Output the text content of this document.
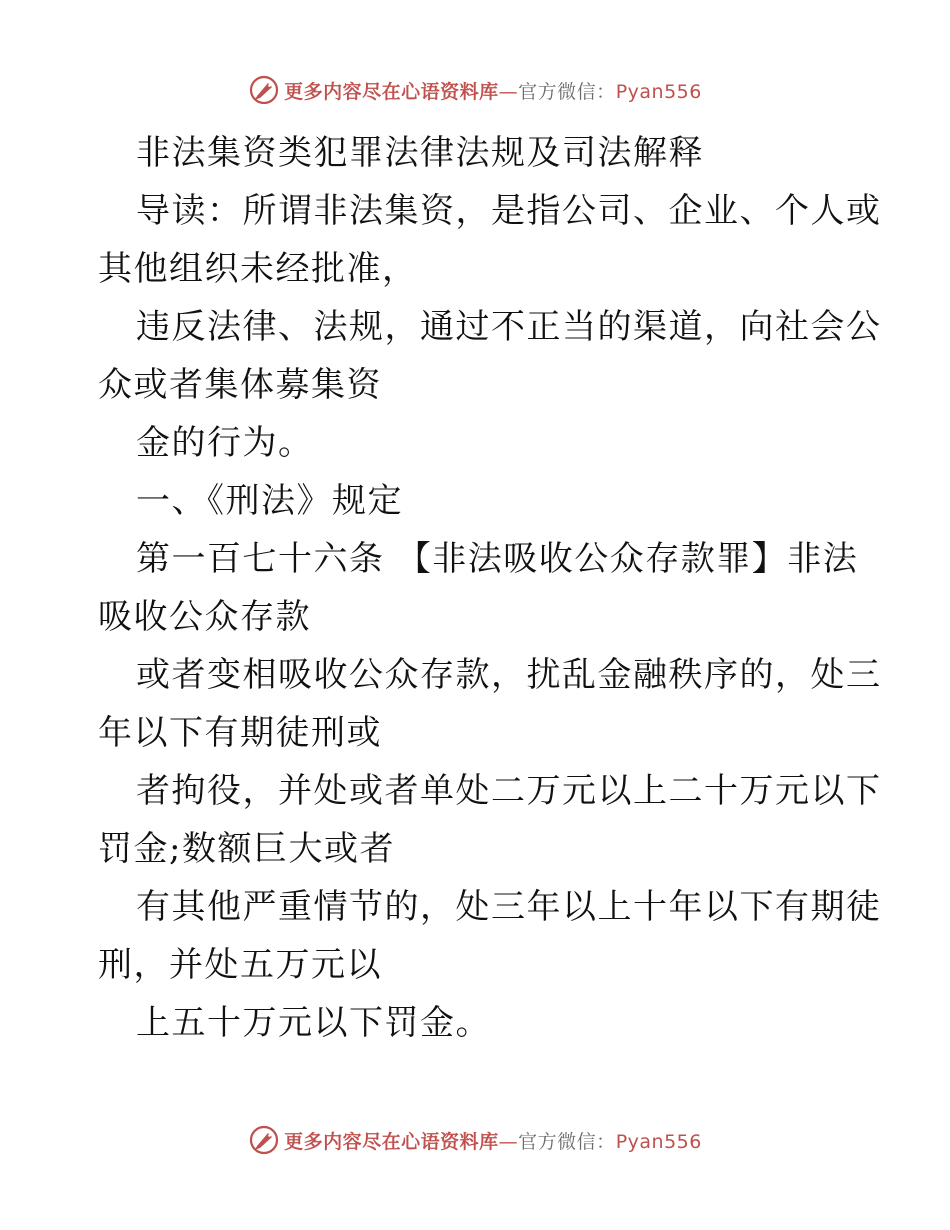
更多内容尽在心语资料库—官方微信：Pyan556
非法集资类犯罪法律法规及司法解释
导读：所谓非法集资，是指公司、企业、个人或
其他组织未经批准，
违反法律、法规，通过不正当的渠道，向社会公
众或者集体募集资
金的行为。
一、《刑法》规定
第一百七十六条 【非法吸收公众存款罪】非法
吸收公众存款
或者变相吸收公众存款，扰乱金融秩序的，处三
年以下有期徒刑或
者拘役，并处或者单处二万元以上二十万元以下
罚金;数额巨大或者
有其他严重情节的，处三年以上十年以下有期徒
刑，并处五万元以
上五十万元以下罚金。
更多内容尽在心语资料库—官方微信：Pyan556
